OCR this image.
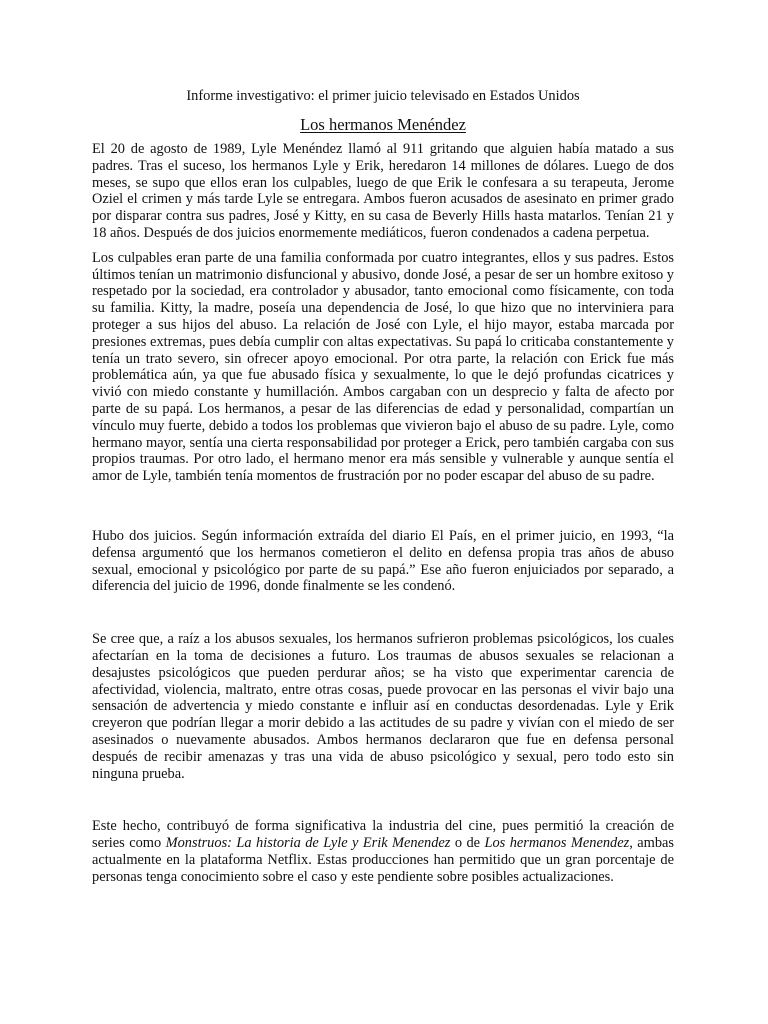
Informe investigativo: el primer juicio televisado en Estados Unidos
Los hermanos Menéndez

El 20 de agosto de 1989, Lyle Menéndez llamó al 911 gritando que alguien había matado a sus padres. Tras el suceso, los hermanos Lyle y Erik, heredaron 14 millones de dólares. Luego de dos meses, se supo que ellos eran los culpables, luego de que Erik le confesara a su terapeuta, Jerome Oziel el crimen y más tarde Lyle se entregara. Ambos fueron acusados de asesinato en primer grado por disparar contra sus padres, José y Kitty, en su casa de Beverly Hills hasta matarlos. Tenían 21 y 18 años. Después de dos juicios enormemente mediáticos, fueron condenados a cadena perpetua.

Los culpables eran parte de una familia conformada por cuatro integrantes, ellos y sus padres. Estos últimos tenían un matrimonio disfuncional y abusivo, donde José, a pesar de ser un hombre exitoso y respetado por la sociedad, era controlador y abusador, tanto emocional como físicamente, con toda su familia. Kitty, la madre, poseía una dependencia de José, lo que hizo que no interviniera para proteger a sus hijos del abuso. La relación de José con Lyle, el hijo mayor, estaba marcada por presiones extremas, pues debía cumplir con altas expectativas. Su papá lo criticaba constantemente y tenía un trato severo, sin ofrecer apoyo emocional. Por otra parte, la relación con Erick fue más problemática aún, ya que fue abusado física y sexualmente, lo que le dejó profundas cicatrices y vivió con miedo constante y humillación. Ambos cargaban con un desprecio y falta de afecto por parte de su papá. Los hermanos, a pesar de las diferencias de edad y personalidad, compartían un vínculo muy fuerte, debido a todos los problemas que vivieron bajo el abuso de su padre. Lyle, como hermano mayor, sentía una cierta responsabilidad por proteger a Erick, pero también cargaba con sus propios traumas. Por otro lado, el hermano menor era más sensible y vulnerable y aunque sentía el amor de Lyle, también tenía momentos de frustración por no poder escapar del abuso de su padre.

Hubo dos juicios. Según información extraída del diario El País, en el primer juicio, en 1993, “la defensa argumentó que los hermanos cometieron el delito en defensa propia tras años de abuso sexual, emocional y psicológico por parte de su papá.” Ese año fueron enjuiciados por separado, a diferencia del juicio de 1996, donde finalmente se les condenó.

Se cree que, a raíz a los abusos sexuales, los hermanos sufrieron problemas psicológicos, los cuales afectarían en la toma de decisiones a futuro. Los traumas de abusos sexuales se relacionan a desajustes psicológicos que pueden perdurar años; se ha visto que experimentar carencia de afectividad, violencia, maltrato, entre otras cosas, puede provocar en las personas el vivir bajo una sensación de advertencia y miedo constante e influir así en conductas desordenadas. Lyle y Erik creyeron que podrían llegar a morir debido a las actitudes de su padre y vivían con el miedo de ser asesinados o nuevamente abusados. Ambos hermanos declararon que fue en defensa personal después de recibir amenazas y tras una vida de abuso psicológico y sexual, pero todo esto sin ninguna prueba.

Este hecho, contribuyó de forma significativa la industria del cine, pues permitió la creación de series como Monstruos: La historia de Lyle y Erik Menendez o de Los hermanos Menendez, ambas actualmente en la plataforma Netflix. Estas producciones han permitido que un gran porcentaje de personas tenga conocimiento sobre el caso y este pendiente sobre posibles actualizaciones.
